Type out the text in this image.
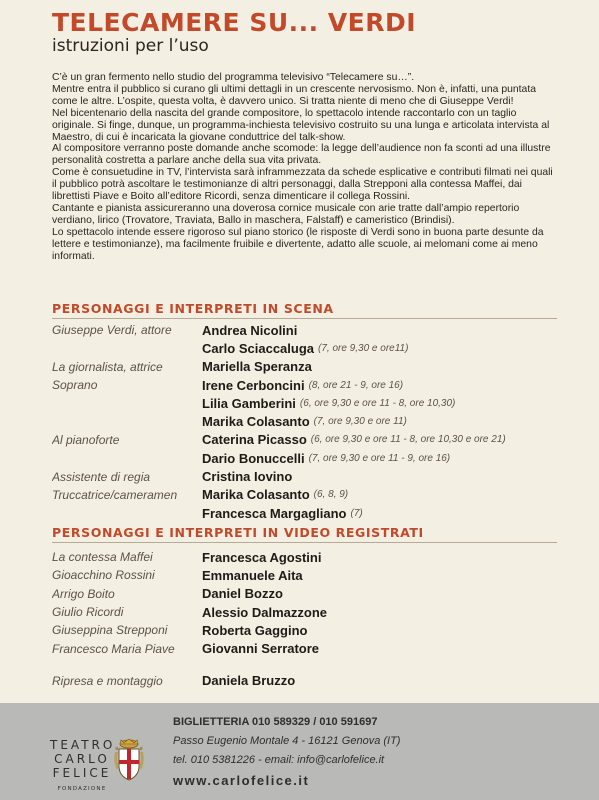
TELECAMERE SU... VERDI
istruzioni per l’uso

C’è un gran fermento nello studio del programma televisivo “Telecamere su…”.

Mentre entra il pubblico si curano gli ultimi dettagli in un crescente nervosismo. Non è, infatti, una puntata come le altre. L’ospite, questa volta, è davvero unico. Si tratta niente di meno che di Giuseppe Verdi!

Nel bicentenario della nascita del grande compositore, lo spettacolo intende raccontarlo con un taglio originale. Si finge, dunque, un programma-inchiesta televisivo costruito su una lunga e articolata intervista al Maestro, di cui è incaricata la giovane conduttrice del talk-show.

Al compositore verranno poste domande anche scomode: la legge dell’audience non fa sconti ad una illustre personalità costretta a parlare anche della sua vita privata.

Come è consuetudine in TV, l’intervista sarà inframmezzata da schede esplicative e contributi filmati nei quali il pubblico potrà ascoltare le testimonianze di altri personaggi, dalla Strepponi alla contessa Maffei, dai librettisti Piave e Boito all’editore Ricordi, senza dimenticare il collega Rossini.

Cantante e pianista assicureranno una doverosa cornice musicale con arie tratte dall’ampio repertorio verdiano, lirico (Trovatore, Traviata, Ballo in maschera, Falstaff) e cameristico (Brindisi).

Lo spettacolo intende essere rigoroso sul piano storico (le risposte di Verdi sono in buona parte desunte da lettere e testimonianze), ma facilmente fruibile e divertente, adatto alle scuole, ai melomani come ai meno informati.

PERSONAGGI E INTERPRETI IN SCENA
Giuseppe Verdi, attore	Andrea Nicolini
Carlo Sciaccaluga (7, ore 9,30 e ore11)
La giornalista, attrice	Mariella Speranza
Soprano	Irene Cerboncini (8, ore 21 - 9, ore 16)
Lilia Gamberini (6, ore 9,30 e ore 11 - 8, ore 10,30)
Marika Colasanto (7, ore 9,30 e ore 11)
Al pianoforte	Caterina Picasso (6, ore 9,30 e ore 11 - 8, ore 10,30 e ore 21)
Dario Bonuccelli (7, ore 9,30 e ore 11 - 9, ore 16)
Assistente di regia	Cristina Iovino
Truccatrice/cameramen	Marika Colasanto (6, 8, 9)
Francesca Margagliano (7)
PERSONAGGI E INTERPRETI IN VIDEO REGISTRATI
La contessa Maffei	Francesca Agostini
Gioacchino Rossini	Emmanuele Aita
Arrigo Boito	Daniel Bozzo
Giulio Ricordi	Alessio Dalmazzone
Giuseppina Strepponi	Roberta Gaggino
Francesco Maria Piave	Giovanni Serratore
Ripresa e montaggio	Daniela Bruzzo
TEATRO
CARLO
FELICE
FONDAZIONE
BIGLIETTERIA 010 589329 / 010 591697
Passo Eugenio Montale 4 - 16121 Genova (IT)
tel. 010 5381226 - email: info@carlofelice.it
www.carlofelice.it
